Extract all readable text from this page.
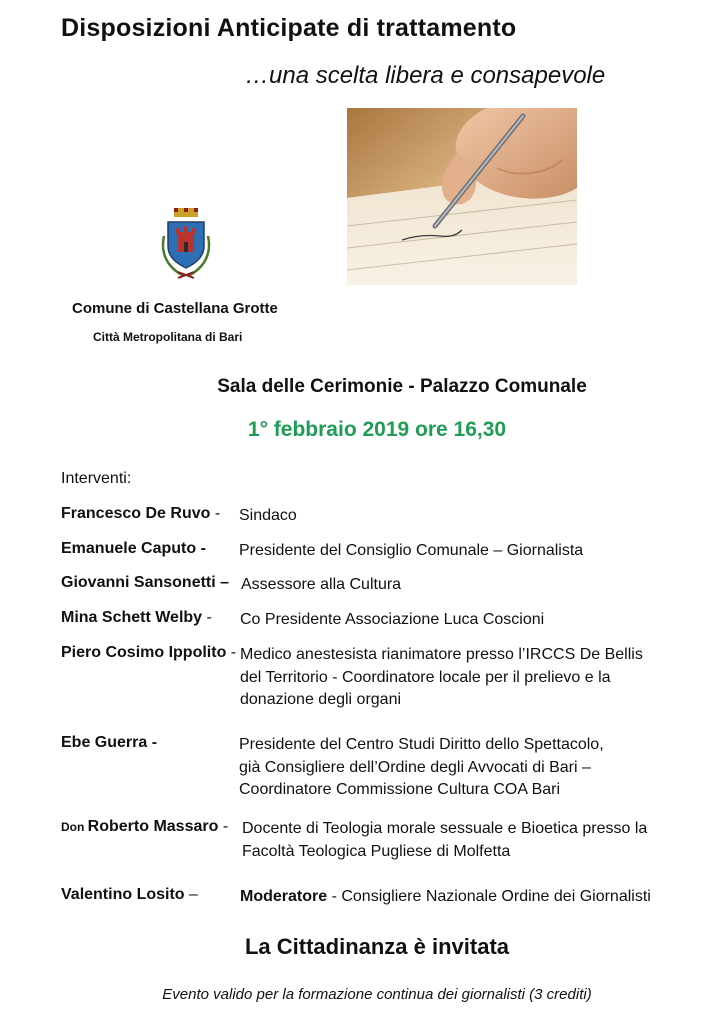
Disposizioni Anticipate di trattamento
…una scelta libera e consapevole
Comune di Castellana Grotte
Città Metropolitana di Bari
Sala delle Cerimonie - Palazzo Comunale
1° febbraio 2019 ore 16,30
Interventi:
Francesco De Ruvo - Sindaco
Emanuele Caputo - Presidente del Consiglio Comunale – Giornalista
Giovanni Sansonetti – Assessore alla Cultura
Mina Schett Welby - Co Presidente Associazione Luca Coscioni
Piero Cosimo Ippolito - Medico anestesista rianimatore presso l’IRCCS De Bellis
del Territorio - Coordinatore locale per il prelievo e la
donazione degli organi
Ebe Guerra -	Presidente del Centro Studi Diritto dello Spettacolo,
già Consigliere dell’Ordine degli Avvocati di Bari –
Coordinatore Commissione Cultura COA Bari
Don Roberto Massaro - Docente di Teologia morale sessuale e Bioetica presso la
Facoltà Teologica Pugliese di Molfetta
Valentino Losito –	Moderatore - Consigliere Nazionale Ordine dei Giornalisti
La Cittadinanza è invitata
Evento valido per la formazione continua dei giornalisti (3 crediti)
